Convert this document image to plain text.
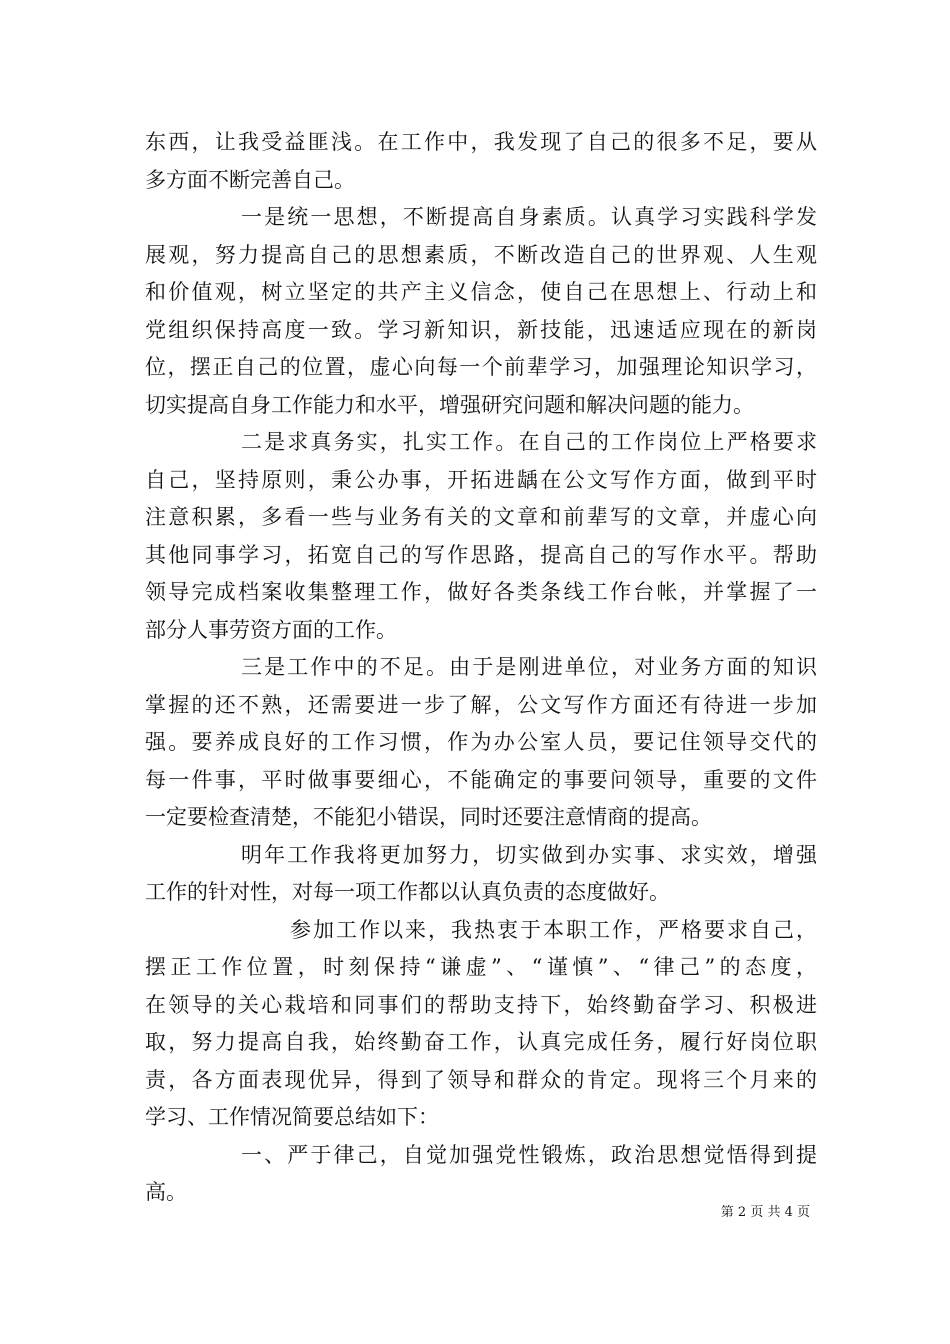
东西，让我受益匪浅。在工作中，我发现了自己的很多不足，要从
多方面不断完善自己。
一是统一思想，不断提高自身素质。认真学习实践科学发
展观，努力提高自己的思想素质，不断改造自己的世界观、人生观
和价值观，树立坚定的共产主义信念，使自己在思想上、行动上和
党组织保持高度一致。学习新知识，新技能，迅速适应现在的新岗
位，摆正自己的位置，虚心向每一个前辈学习，加强理论知识学习，
切实提高自身工作能力和水平，增强研究问题和解决问题的能力。
二是求真务实，扎实工作。在自己的工作岗位上严格要求
自己，坚持原则，秉公办事，开拓进龋在公文写作方面，做到平时
注意积累，多看一些与业务有关的文章和前辈写的文章，并虚心向
其他同事学习，拓宽自己的写作思路，提高自己的写作水平。帮助
领导完成档案收集整理工作，做好各类条线工作台帐，并掌握了一
部分人事劳资方面的工作。
三是工作中的不足。由于是刚进单位，对业务方面的知识
掌握的还不熟，还需要进一步了解，公文写作方面还有待进一步加
强。要养成良好的工作习惯，作为办公室人员，要记住领导交代的
每一件事，平时做事要细心，不能确定的事要问领导，重要的文件
一定要检查清楚，不能犯小错误，同时还要注意情商的提高。
明年工作我将更加努力，切实做到办实事、求实效，增强
工作的针对性，对每一项工作都以认真负责的态度做好。
参加工作以来，我热衷于本职工作，严格要求自己，
摆正工作位置，时刻保持“谦虚”、“谨慎”、“律己”的态度，
在领导的关心栽培和同事们的帮助支持下，始终勤奋学习、积极进
取，努力提高自我，始终勤奋工作，认真完成任务，履行好岗位职
责，各方面表现优异，得到了领导和群众的肯定。现将三个月来的
学习、工作情况简要总结如下：
一、严于律己，自觉加强党性锻炼，政治思想觉悟得到提
高。
第 2 页 共 4 页
